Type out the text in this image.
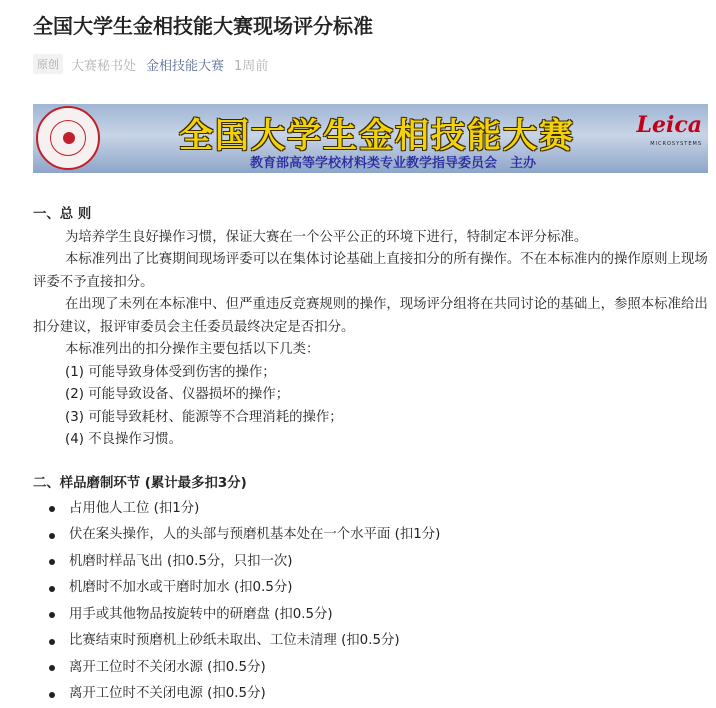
全国大学生金相技能大赛现场评分标准
原创 大赛秘书处 金相技能大赛 1周前
全国大学生金相技能大赛
教育部高等学校材料类专业教学指导委员会　主办
Leica
MICROSYSTEMS
一、总 则

为培养学生良好操作习惯，保证大赛在一个公平公正的环境下进行，特制定本评分标准。

本标准列出了比赛期间现场评委可以在集体讨论基础上直接扣分的所有操作。不在本标准内的操作原则上现场评委不予直接扣分。

在出现了未列在本标准中、但严重违反竞赛规则的操作，现场评分组将在共同讨论的基础上，参照本标准给出扣分建议，报评审委员会主任委员最终决定是否扣分。

本标准列出的扣分操作主要包括以下几类：

(1) 可能导致身体受到伤害的操作；
(2) 可能导致设备、仪器损坏的操作；
(3) 可能导致耗材、能源等不合理消耗的操作；
(4) 不良操作习惯。
二、样品磨制环节 (累计最多扣3分)
占用他人工位 (扣1分)
伏在案头操作，人的头部与预磨机基本处在一个水平面 (扣1分)
机磨时样品飞出 (扣0.5分，只扣一次)
机磨时不加水或干磨时加水 (扣0.5分)
用手或其他物品按旋转中的研磨盘 (扣0.5分)
比赛结束时预磨机上砂纸未取出、工位未清理 (扣0.5分)
离开工位时不关闭水源 (扣0.5分)
离开工位时不关闭电源 (扣0.5分)
